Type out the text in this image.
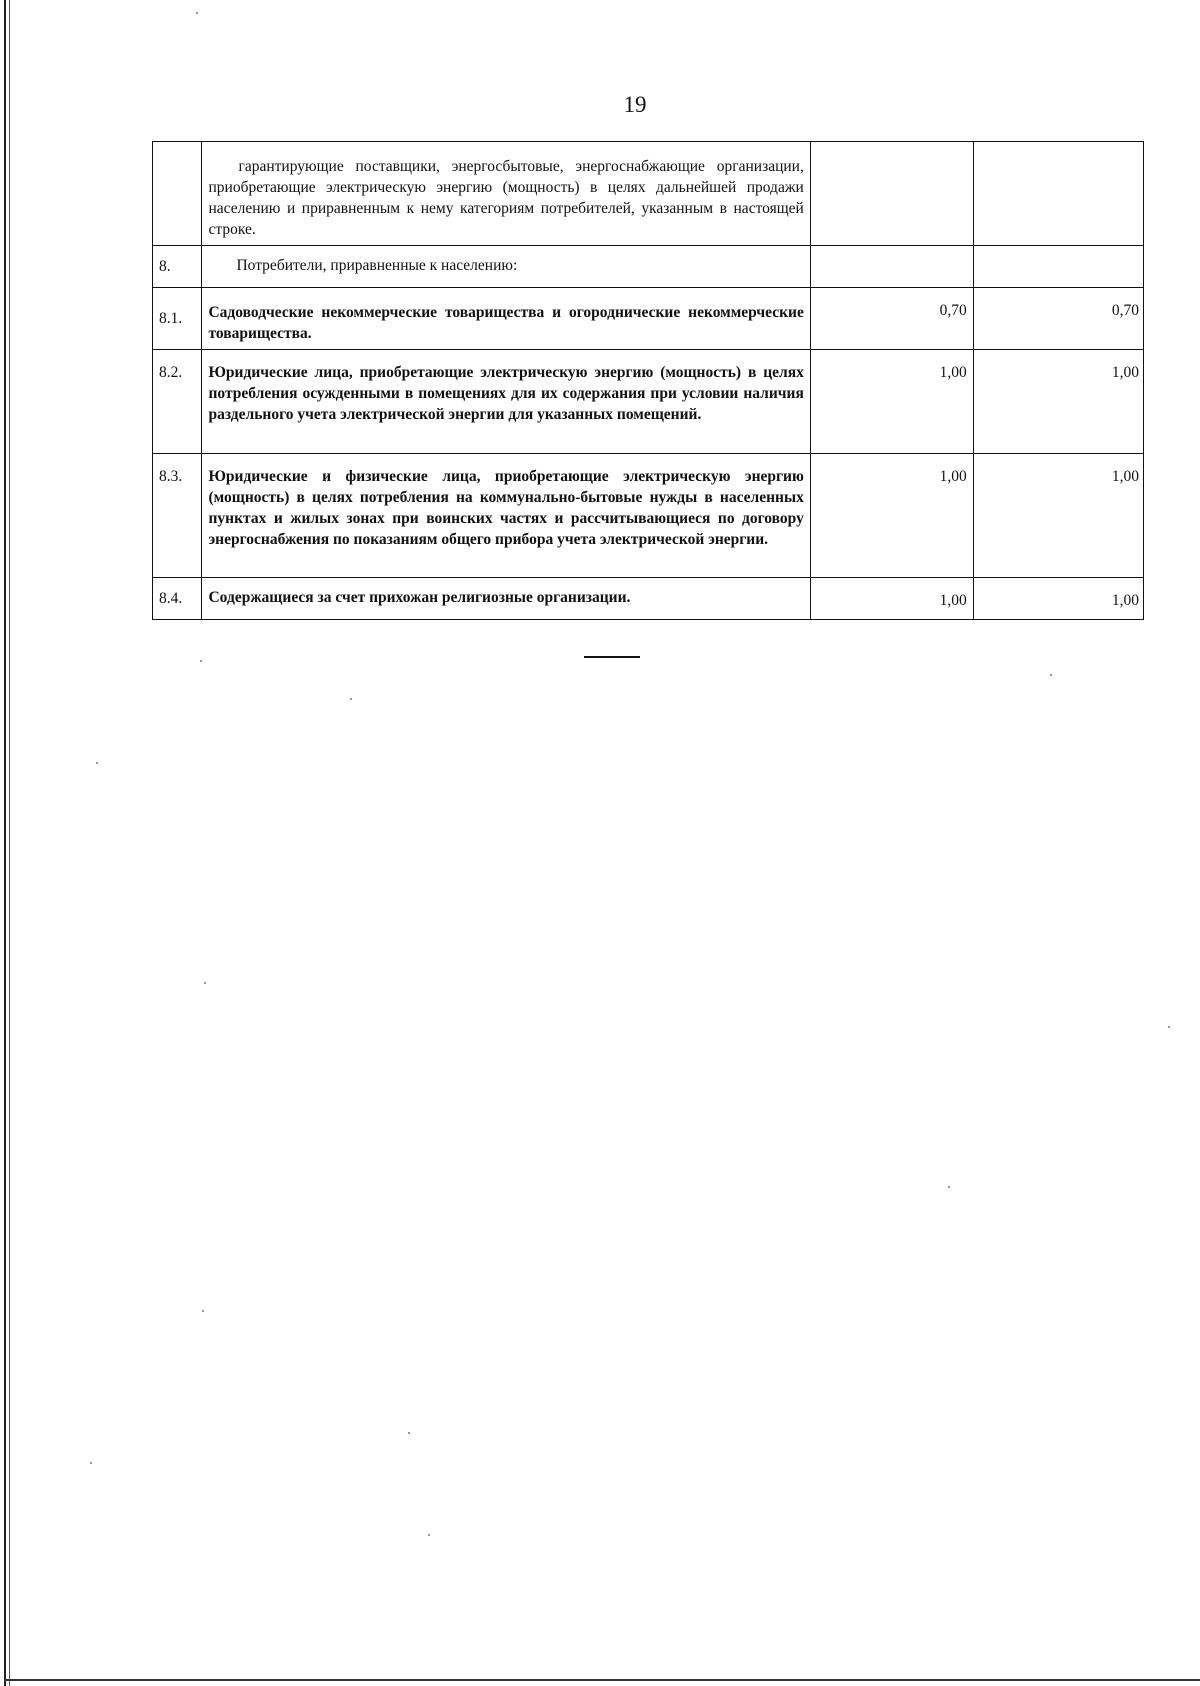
19
	гарантирующие поставщики, энергосбытовые, энергоснабжающие организации, приобретающие электрическую энергию (мощность) в целях дальнейшей продажи населению и приравненным к нему категориям потребителей, указанным в настоящей строке.		
8.	Потребители, приравненные к населению:		
8.1.	Садоводческие некоммерческие товарищества и огороднические некоммерческие товарищества.	0,70	0,70
8.2.	Юридические лица, приобретающие электрическую энергию (мощность) в целях потребления осужденными в помещениях для их содержания при условии наличия раздельного учета электрической энергии для указанных помещений.	1,00	1,00
8.3.	Юридические и физические лица, приобретающие электрическую энергию (мощность) в целях потребления на коммунально-бытовые нужды в населенных пунктах и жилых зонах при воинских частях и рассчитывающиеся по договору энергоснабжения по показаниям общего прибора учета электрической энергии.	1,00	1,00
8.4.	Содержащиеся за счет прихожан религиозные организации.	1,00	1,00
